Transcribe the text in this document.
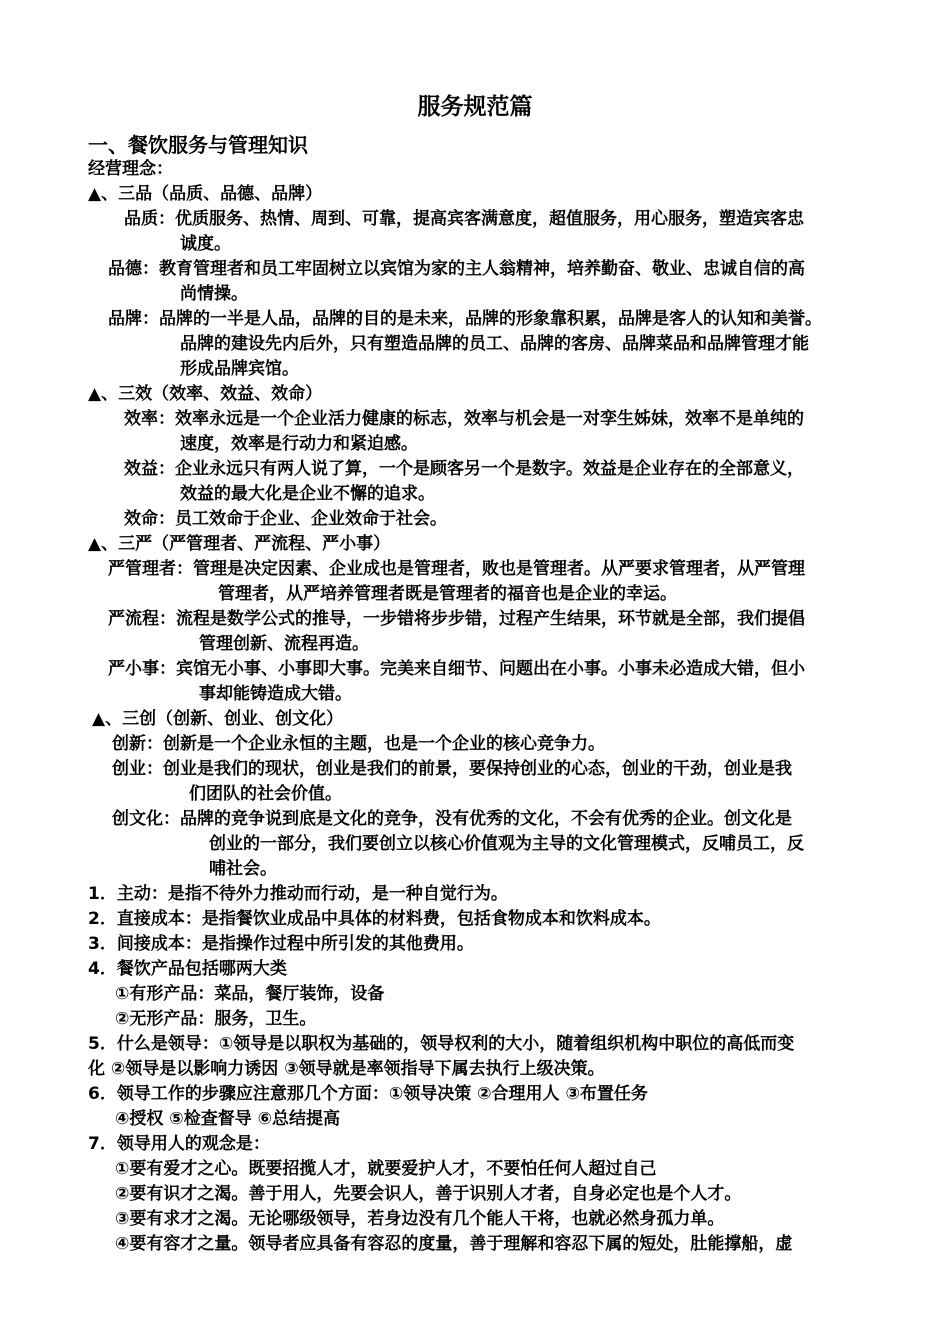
服务规范篇
一、餐饮服务与管理知识
经营理念：
▲、三品（品质、品德、品牌）
品质：优质服务、热情、周到、可靠，提高宾客满意度，超值服务，用心服务，塑造宾客忠
诚度。
品德：教育管理者和员工牢固树立以宾馆为家的主人翁精神，培养勤奋、敬业、忠诚自信的高
尚情操。
品牌：品牌的一半是人品，品牌的目的是未来，品牌的形象靠积累，品牌是客人的认知和美誉。
品牌的建设先内后外，只有塑造品牌的员工、品牌的客房、品牌菜品和品牌管理才能
形成品牌宾馆。
▲、三效（效率、效益、效命）
效率：效率永远是一个企业活力健康的标志，效率与机会是一对孪生姊妹，效率不是单纯的
速度，效率是行动力和紧迫感。
效益：企业永远只有两人说了算，一个是顾客另一个是数字。效益是企业存在的全部意义，
效益的最大化是企业不懈的追求。
效命：员工效命于企业、企业效命于社会。
▲、三严（严管理者、严流程、严小事）
严管理者：管理是决定因素、企业成也是管理者，败也是管理者。从严要求管理者，从严管理
管理者，从严培养管理者既是管理者的福音也是企业的幸运。
严流程：流程是数学公式的推导，一步错将步步错，过程产生结果，环节就是全部，我们提倡
管理创新、流程再造。
严小事：宾馆无小事、小事即大事。完美来自细节、问题出在小事。小事未必造成大错，但小
事却能铸造成大错。
▲、三创（创新、创业、创文化）
创新：创新是一个企业永恒的主题，也是一个企业的核心竞争力。
创业：创业是我们的现状，创业是我们的前景，要保持创业的心态，创业的干劲，创业是我
们团队的社会价值。
创文化：品牌的竞争说到底是文化的竞争，没有优秀的文化，不会有优秀的企业。创文化是
创业的一部分，我们要创立以核心价值观为主导的文化管理模式，反哺员工，反
哺社会。
1．主动：是指不待外力推动而行动，是一种自觉行为。
2．直接成本：是指餐饮业成品中具体的材料费，包括食物成本和饮料成本。
3．间接成本：是指操作过程中所引发的其他费用。
4．餐饮产品包括哪两大类
①有形产品：菜品，餐厅装饰，设备
②无形产品：服务，卫生。
5．什么是领导：①领导是以职权为基础的，领导权利的大小，随着组织机构中职位的高低而变
化 ②领导是以影响力诱因 ③领导就是率领指导下属去执行上级决策。
6．领导工作的步骤应注意那几个方面：①领导决策 ②合理用人 ③布置任务
④授权 ⑤检查督导 ⑥总结提高
7．领导用人的观念是：
①要有爱才之心。既要招揽人才，就要爱护人才，不要怕任何人超过自己
②要有识才之渴。善于用人，先要会识人，善于识别人才者，自身必定也是个人才。
③要有求才之渴。无论哪级领导，若身边没有几个能人干将，也就必然身孤力单。
④要有容才之量。领导者应具备有容忍的度量，善于理解和容忍下属的短处，肚能撑船，虚
